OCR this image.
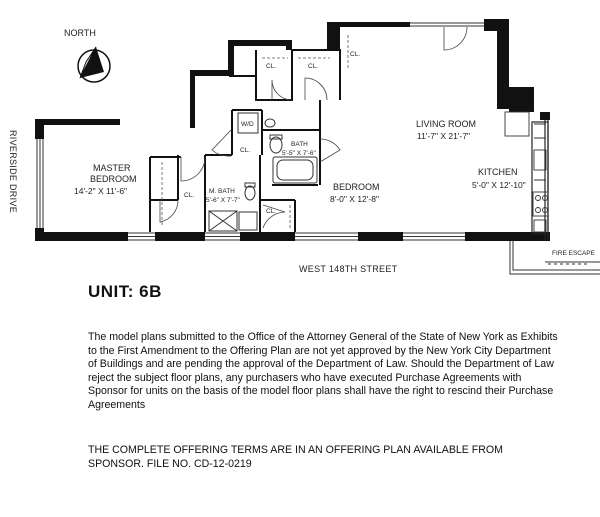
NORTH
MASTER
BEDROOM
14'-2" X 11'-6"
LIVING ROOM
11'-7" X 21'-7"
KITCHEN
5'-0" X 12'-10"
BEDROOM
8'-0" X 12'-8"
BATH
5'-5" X 7'-6"
M. BATH
5'-6" X 7'-7"
W/D
CL.
CL.	CL.
CL.
CL.
CL.
WEST 148TH STREET
FIRE ESCAPE
RIVERSIDE DRIVE
UNIT: 6B

The model plans submitted to the Office of the Attorney General of the State of New York as Exhibits to the First Amendment to the Offering Plan are not yet approved by the New York City Department of Buildings and are pending the approval of the Department of Law. Should the Department of Law reject the subject floor plans, any purchasers who have executed Purchase Agreements with Sponsor for units on the basis of the model floor plans shall have the right to rescind their Purchase Agreements

THE COMPLETE OFFERING TERMS ARE IN AN OFFERING PLAN AVAILABLE FROM SPONSOR. FILE NO. CD-12-0219
